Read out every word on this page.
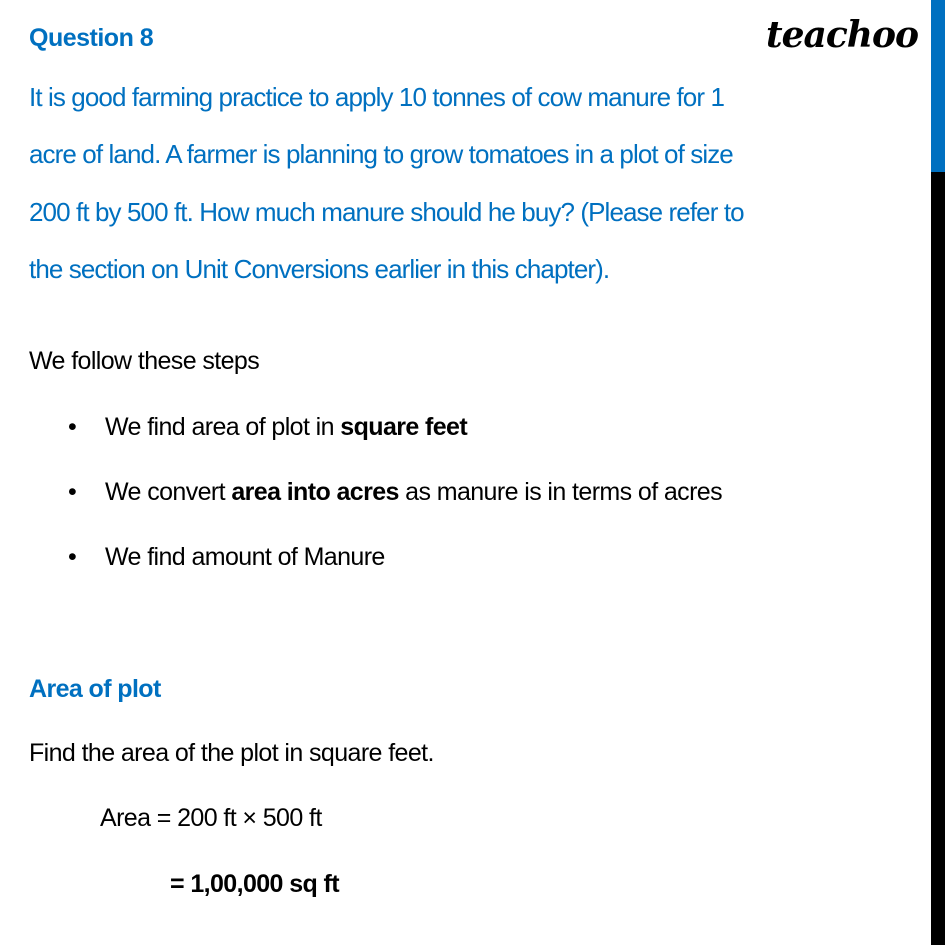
Question 8	teachoo
It is good farming practice to apply 10 tonnes of cow manure for 1
acre of land. A farmer is planning to grow tomatoes in a plot of size
200 ft by 500 ft. How much manure should he buy? (Please refer to
the section on Unit Conversions earlier in this chapter).
We follow these steps
• We find area of plot in square feet
• We convert area into acres as manure is in terms of acres
• We find amount of Manure
Area of plot
Find the area of the plot in square feet.
Area = 200 ft × 500 ft
= 1,00,000 sq ft
